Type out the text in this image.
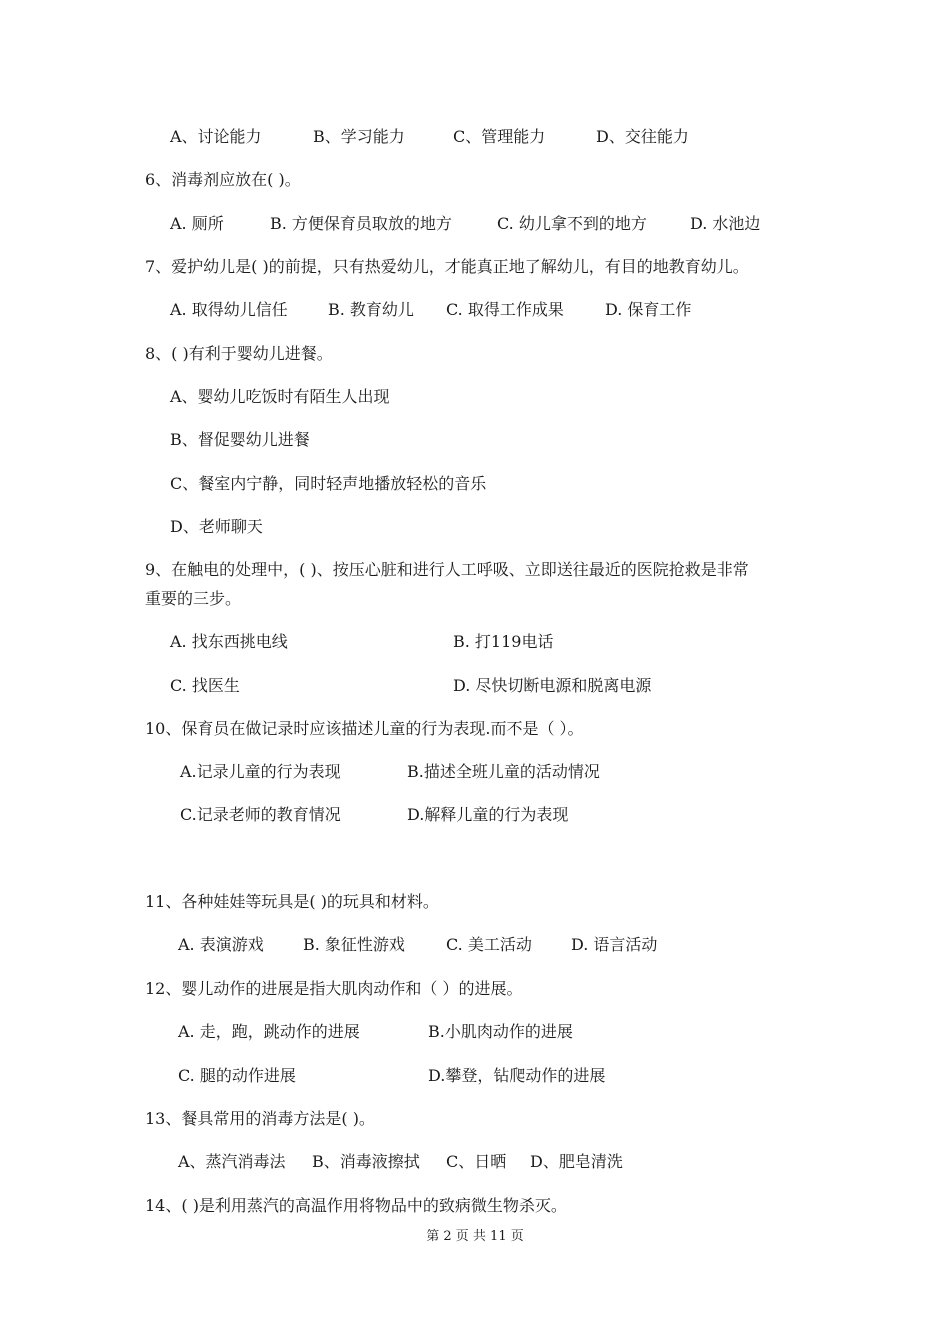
A、讨论能力	B、学习能力	C、管理能力	D、交往能力
6、消毒剂应放在( )。
A. 厕所	B. 方便保育员取放的地方	C. 幼儿拿不到的地方	D. 水池边
7、爱护幼儿是( )的前提，只有热爱幼儿，才能真正地了解幼儿，有目的地教育幼儿。
A. 取得幼儿信任	B. 教育幼儿 C. 取得工作成果	D. 保育工作
8、( )有利于婴幼儿进餐。
A、婴幼儿吃饭时有陌生人出现
B、督促婴幼儿进餐
C、餐室内宁静，同时轻声地播放轻松的音乐
D、老师聊天
9、在触电的处理中，( )、按压心脏和进行人工呼吸、立即送往最近的医院抢救是非常
重要的三步。
A. 找东西挑电线	B. 打119电话
C. 找医生	D. 尽快切断电源和脱离电源
10、保育员在做记录时应该描述儿童的行为表现.而不是（ ）。
A.记录儿童的行为表现	B.描述全班儿童的活动情况
C.记录老师的教育情况	D.解释儿童的行为表现
11、各种娃娃等玩具是( )的玩具和材料。
A. 表演游戏 B. 象征性游戏	C. 美工活动 D. 语言活动
12、婴儿动作的进展是指大肌肉动作和（ ）的进展。
A. 走，跑，跳动作的进展	B.小肌肉动作的进展
C. 腿的动作进展	D.攀登，钻爬动作的进展
13、餐具常用的消毒方法是( )。
A、蒸汽消毒法 B、消毒液擦拭 C、日晒 D、肥皂清洗
14、( )是利用蒸汽的高温作用将物品中的致病微生物杀灭。
第 2 页 共 11 页
